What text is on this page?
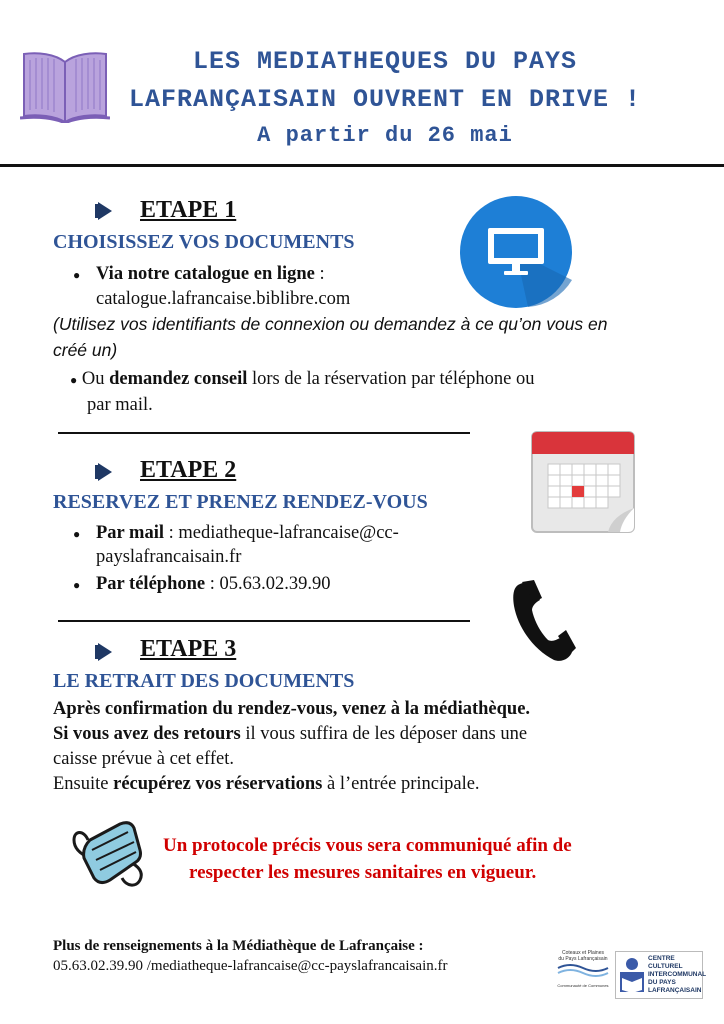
LES MEDIATHEQUES DU PAYS
LAFRANÇAISAIN OUVRENT EN DRIVE !
A partir du 26 mai
ETAPE 1
CHOISISSEZ VOS DOCUMENTS
● Via notre catalogue en ligne :
catalogue.lafrancaise.biblibre.com
(Utilisez vos identifiants de connexion ou demandez à ce qu’on vous en
créé un)
● Ou demandez conseil lors de la réservation par téléphone ou
par mail.
ETAPE 2
RESERVEZ ET PRENEZ RENDEZ-VOUS
● Par mail : mediatheque-lafrancaise@cc-
payslafrancaisain.fr
● Par téléphone : 05.63.02.39.90
ETAPE 3
LE RETRAIT DES DOCUMENTS
Après confirmation du rendez-vous, venez à la médiathèque.
Si vous avez des retours il vous suffira de les déposer dans une
caisse prévue à cet effet.
Ensuite récupérez vos réservations à l’entrée principale.
Un protocole précis vous sera communiqué afin de
respecter les mesures sanitaires en vigueur.
Plus de renseignements à la Médiathèque de Lafrançaise :
05.63.02.39.90 /mediatheque-lafrancaise@cc-payslafrancaisain.fr
Coteaux et Plaines
du Pays Lafrançaisain
Communauté de Communes
CENTRE
CULTUREL
INTERCOMMUNAL
DU PAYS
LAFRANÇAISAIN
